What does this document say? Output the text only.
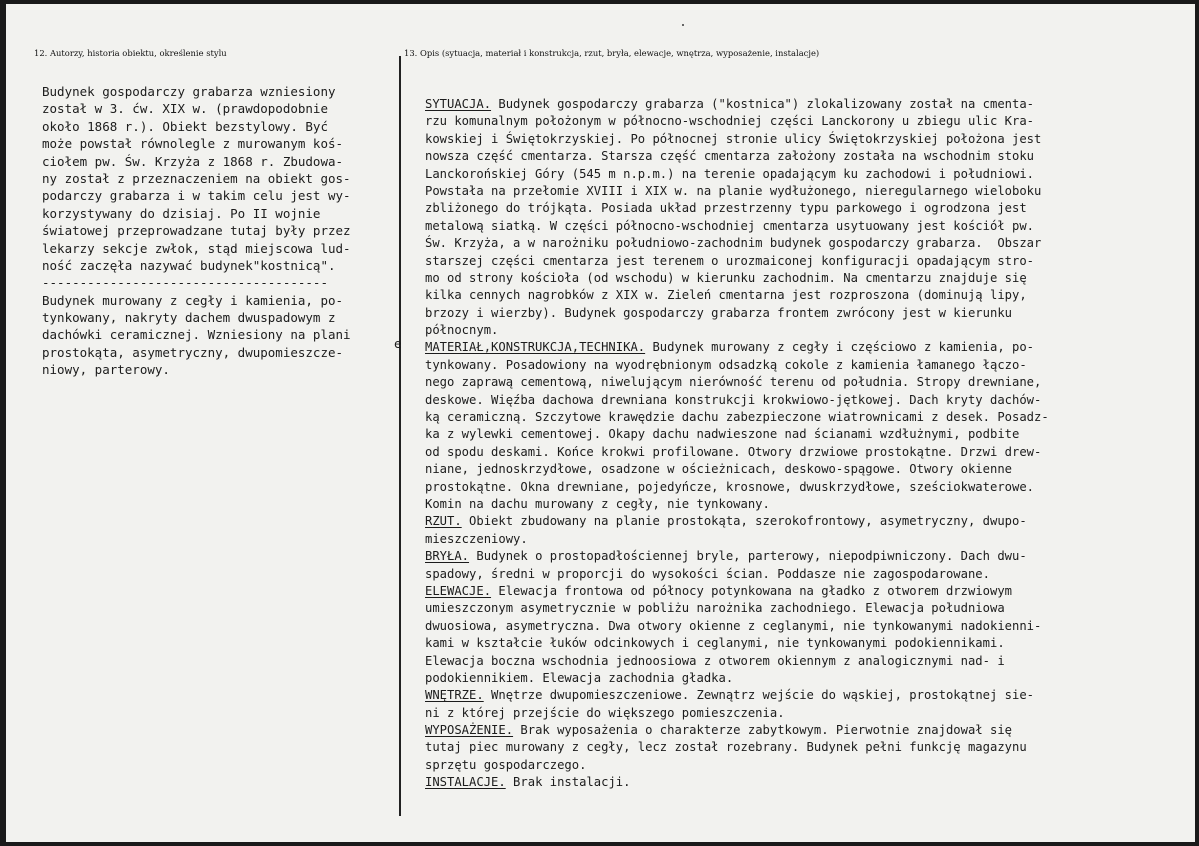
12. Autorzy, historia obiektu, określenie stylu	13. Opis (sytuacja, materiał i konstrukcja, rzut, bryła, elewacje, wnętrza, wyposażenie, instalacje)
Budynek gospodarczy grabarza wzniesiony
został w 3. ćw. XIX w. (prawdopodobnie
około 1868 r.). Obiekt bezstylowy. Być
może powstał równolegle z murowanym koś-
ciołem pw. Św. Krzyża z 1868 r. Zbudowa-
ny został z przeznaczeniem na obiekt gos-
podarczy grabarza i w takim celu jest wy-
korzystywany do dzisiaj. Po II wojnie
światowej przeprowadzane tutaj były przez
lekarzy sekcje zwłok, stąd miejscowa lud-
ność zaczęła nazywać budynek"kostnicą".
--------------------------------------
Budynek murowany z cegły i kamienia, po-
tynkowany, nakryty dachem dwuspadowym z
dachówki ceramicznej. Wzniesiony na plani
prostokąta, asymetryczny, dwupomieszcze-
niowy, parterowy.
e
SYTUACJA. Budynek gospodarczy grabarza ("kostnica") zlokalizowany został na cmenta-
rzu komunalnym położonym w północno-wschodniej części Lanckorony u zbiegu ulic Kra-
kowskiej i Świętokrzyskiej. Po północnej stronie ulicy Świętokrzyskiej położona jest
nowsza część cmentarza. Starsza część cmentarza założony została na wschodnim stoku
Lanckorońskiej Góry (545 m n.p.m.) na terenie opadającym ku zachodowi i południowi.
Powstała na przełomie XVIII i XIX w. na planie wydłużonego, nieregularnego wieloboku
zbliżonego do trójkąta. Posiada układ przestrzenny typu parkowego i ogrodzona jest
metalową siatką. W części północno-wschodniej cmentarza usytuowany jest kościół pw.
Św. Krzyża, a w narożniku południowo-zachodnim budynek gospodarczy grabarza.  Obszar
starszej części cmentarza jest terenem o urozmaiconej konfiguracji opadającym stro-
mo od strony kościoła (od wschodu) w kierunku zachodnim. Na cmentarzu znajduje się
kilka cennych nagrobków z XIX w. Zieleń cmentarna jest rozproszona (dominują lipy,
brzozy i wierzby). Budynek gospodarczy grabarza frontem zwrócony jest w kierunku
północnym.
MATERIAŁ,KONSTRUKCJA,TECHNIKA. Budynek murowany z cegły i częściowo z kamienia, po-
tynkowany. Posadowiony na wyodrębnionym odsadzką cokole z kamienia łamanego łączo-
nego zaprawą cementową, niwelującym nierówność terenu od południa. Stropy drewniane,
deskowe. Więźba dachowa drewniana konstrukcji krokwiowo-jętkowej. Dach kryty dachów-
ką ceramiczną. Szczytowe krawędzie dachu zabezpieczone wiatrownicami z desek. Posadz-
ka z wylewki cementowej. Okapy dachu nadwieszone nad ścianami wzdłużnymi, podbite
od spodu deskami. Końce krokwi profilowane. Otwory drzwiowe prostokątne. Drzwi drew-
niane, jednoskrzydłowe, osadzone w ościeżnicach, deskowo-spągowe. Otwory okienne
prostokątne. Okna drewniane, pojedyńcze, krosnowe, dwuskrzydłowe, sześciokwaterowe.
Komin na dachu murowany z cegły, nie tynkowany.
RZUT. Obiekt zbudowany na planie prostokąta, szerokofrontowy, asymetryczny, dwupo-
mieszczeniowy.
BRYŁA. Budynek o prostopadłościennej bryle, parterowy, niepodpiwniczony. Dach dwu-
spadowy, średni w proporcji do wysokości ścian. Poddasze nie zagospodarowane.
ELEWACJE. Elewacja frontowa od północy potynkowana na gładko z otworem drzwiowym
umieszczonym asymetrycznie w pobliżu narożnika zachodniego. Elewacja południowa
dwuosiowa, asymetryczna. Dwa otwory okienne z ceglanymi, nie tynkowanymi nadokienni-
kami w kształcie łuków odcinkowych i ceglanymi, nie tynkowanymi podokiennikami.
Elewacja boczna wschodnia jednoosiowa z otworem okiennym z analogicznymi nad- i
podokiennikiem. Elewacja zachodnia gładka.
WNĘTRZE. Wnętrze dwupomieszczeniowe. Zewnątrz wejście do wąskiej, prostokątnej sie-
ni z której przejście do większego pomieszczenia.
WYPOSAŻENIE. Brak wyposażenia o charakterze zabytkowym. Pierwotnie znajdował się
tutaj piec murowany z cegły, lecz został rozebrany. Budynek pełni funkcję magazynu
sprzętu gospodarczego.
INSTALACJE. Brak instalacji.
